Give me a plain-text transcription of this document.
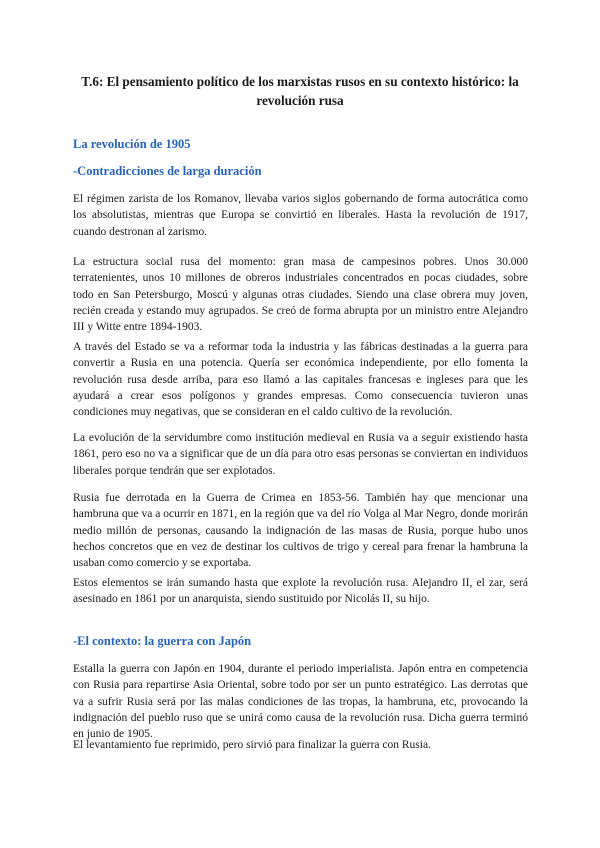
T.6: El pensamiento político de los marxistas rusos en su contexto histórico: la revolución rusa
La revolución de 1905
-Contradicciones de larga duración

El régimen zarista de los Romanov, llevaba varios siglos gobernando de forma autocrática como los absolutistas, mientras que Europa se convirtió en liberales. Hasta la revolución de 1917, cuando destronan al zarismo.

La estructura social rusa del momento: gran masa de campesinos pobres. Unos 30.000 terratenientes, unos 10 millones de obreros industriales concentrados en pocas ciudades, sobre todo en San Petersburgo, Moscú y algunas otras ciudades. Siendo una clase obrera muy joven, recién creada y estando muy agrupados. Se creó de forma abrupta por un ministro entre Alejandro III y Witte entre 1894-1903.

A través del Estado se va a reformar toda la industria y las fábricas destinadas a la guerra para convertir a Rusia en una potencia. Quería ser económica independiente, por ello fomenta la revolución rusa desde arriba, para eso llamó a las capitales francesas e ingleses para que les ayudará a crear esos polígonos y grandes empresas. Como consecuencia tuvieron unas condiciones muy negativas, que se consideran en el caldo cultivo de la revolución.

La evolución de la servidumbre como institución medieval en Rusia va a seguir existiendo hasta 1861, pero eso no va a significar que de un día para otro esas personas se conviertan en individuos liberales porque tendrán que ser explotados.

Rusia fue derrotada en la Guerra de Crimea en 1853-56. También hay que mencionar una hambruna que va a ocurrir en 1871, en la región que va del río Volga al Mar Negro, donde morirán medio millón de personas, causando la indignación de las masas de Rusia, porque hubo unos hechos concretos que en vez de destinar los cultivos de trigo y cereal para frenar la hambruna la usaban como comercio y se exportaba.

Estos elementos se irán sumando hasta que explote la revolución rusa. Alejandro II, el zar, será asesinado en 1861 por un anarquista, siendo sustituido por Nicolás II, su hijo.

-El contexto: la guerra con Japón

Estalla la guerra con Japón en 1904, durante el periodo imperialista. Japón entra en competencia con Rusia para repartirse Asia Oriental, sobre todo por ser un punto estratégico. Las derrotas que va a sufrir Rusia será por las malas condiciones de las tropas, la hambruna, etc, provocando la indignación del pueblo ruso que se unirá como causa de la revolución rusa. Dicha guerra terminó en junio de 1905.

El levantamiento fue reprimido, pero sirvió para finalizar la guerra con Rusia.
